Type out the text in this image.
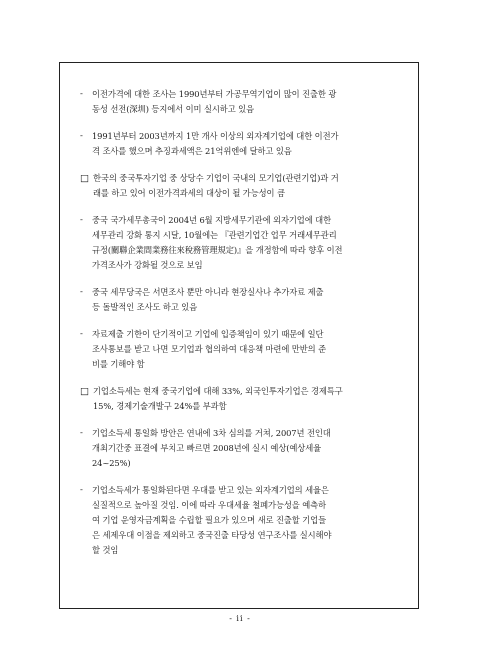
-	이전가격에 대한 조사는 1990년부터 가공무역기업이 많이 진출한 광
동성 선전(深圳) 등지에서 이미 실시하고 있음
-	1991년부터 2003년까지 1만 개사 이상의 외자계기업에 대한 이전가
격 조사를 했으며 추징과세액은 21억위엔에 달하고 있음
□ 한국의 중국투자기업 중 상당수 기업이 국내의 모기업(관련기업)과 거
래를 하고 있어 이전가격과세의 대상이 될 가능성이 큼
-	중국 국가세무총국이 2004년 6월 지방세무기관에 외자기업에 대한
세무관리 강화 통지 시달, 10월에는 『관련기업간 업무 거래세무관리
규정(關聯企業間業務往來稅務管理規定)』을 개정함에 따라 향후 이전
가격조사가 강화될 것으로 보임
-	중국 세무당국은 서면조사 뿐만 아니라 현장실사나 추가자료 제출
등 돌발적인 조사도 하고 있음
-	자료제출 기한이 단기적이고 기업에 입증책임이 있기 때문에 일단
조사통보를 받고 나면 모기업과 협의하여 대응책 마련에 만반의 준
비를 기해야 함
□ 기업소득세는 현재 중국기업에 대해 33%, 외국인투자기업은 경제특구
15%, 경제기술개발구 24%를 부과함
-	기업소득세 통일화 방안은 연내에 3차 심의를 거쳐, 2007년 전인대
개최기간중 표결에 부치고 빠르면 2008년에 실시 예상(예상세율
24~25%)
-	기업소득세가 통일화된다면 우대를 받고 있는 외자계기업의 세율은
실질적으로 높아질 것임. 이에 따라 우대세율 철폐가능성을 예측하
여 기업 운영자금계획을 수립할 필요가 있으며 새로 진출할 기업들
은 세제우대 이점을 제외하고 중국진출 타당성 연구조사를 실시해야
할 것임
- ii -
